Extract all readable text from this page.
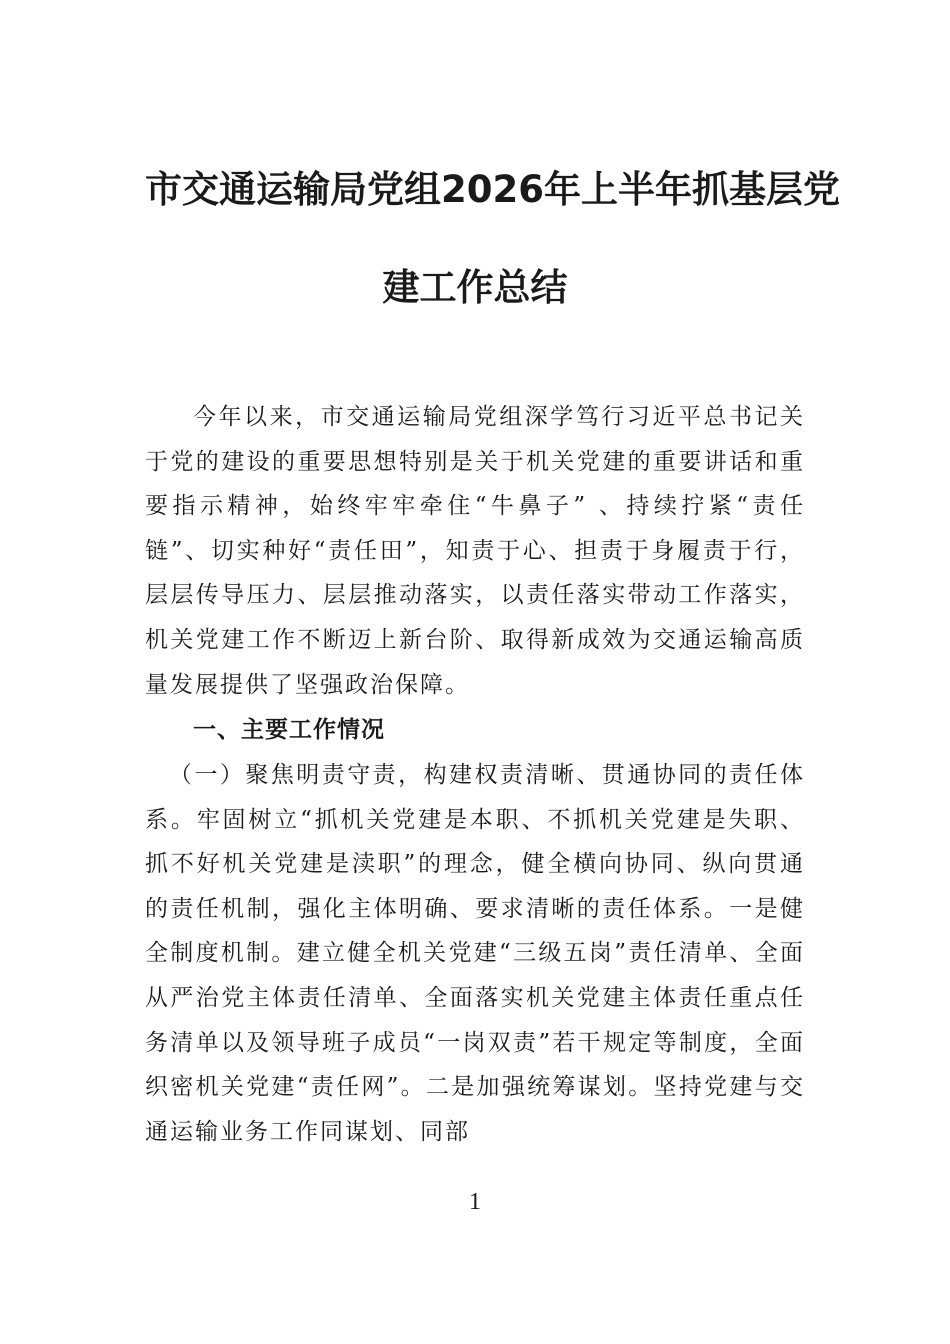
市交通运输局党组2026年上半年抓基层党
建工作总结

今年以来，市交通运输局党组深学笃行习近平总书记关于党的建设的重要思想特别是关于机关党建的重要讲话和重要指示精神，始终牢牢牵住“牛鼻子” 、持续拧紧“责任链”、切实种好“责任田”，知责于心、担责于身履责于行，层层传导压力、层层推动落实，以责任落实带动工作落实，机关党建工作不断迈上新台阶、取得新成效为交通运输高质量发展提供了坚强政治保障。

一、主要工作情况

（一）聚焦明责守责，构建权责清晰、贯通协同的责任体系。牢固树立“抓机关党建是本职、不抓机关党建是失职、抓不好机关党建是渎职”的理念，健全横向协同、纵向贯通的责任机制，强化主体明确、要求清晰的责任体系。一是健全制度机制。建立健全机关党建“三级五岗”责任清单、全面从严治党主体责任清单、全面落实机关党建主体责任重点任务清单以及领导班子成员“一岗双责”若干规定等制度，全面织密机关党建“责任网”。二是加强统筹谋划。坚持党建与交通运输业务工作同谋划、同部

1
